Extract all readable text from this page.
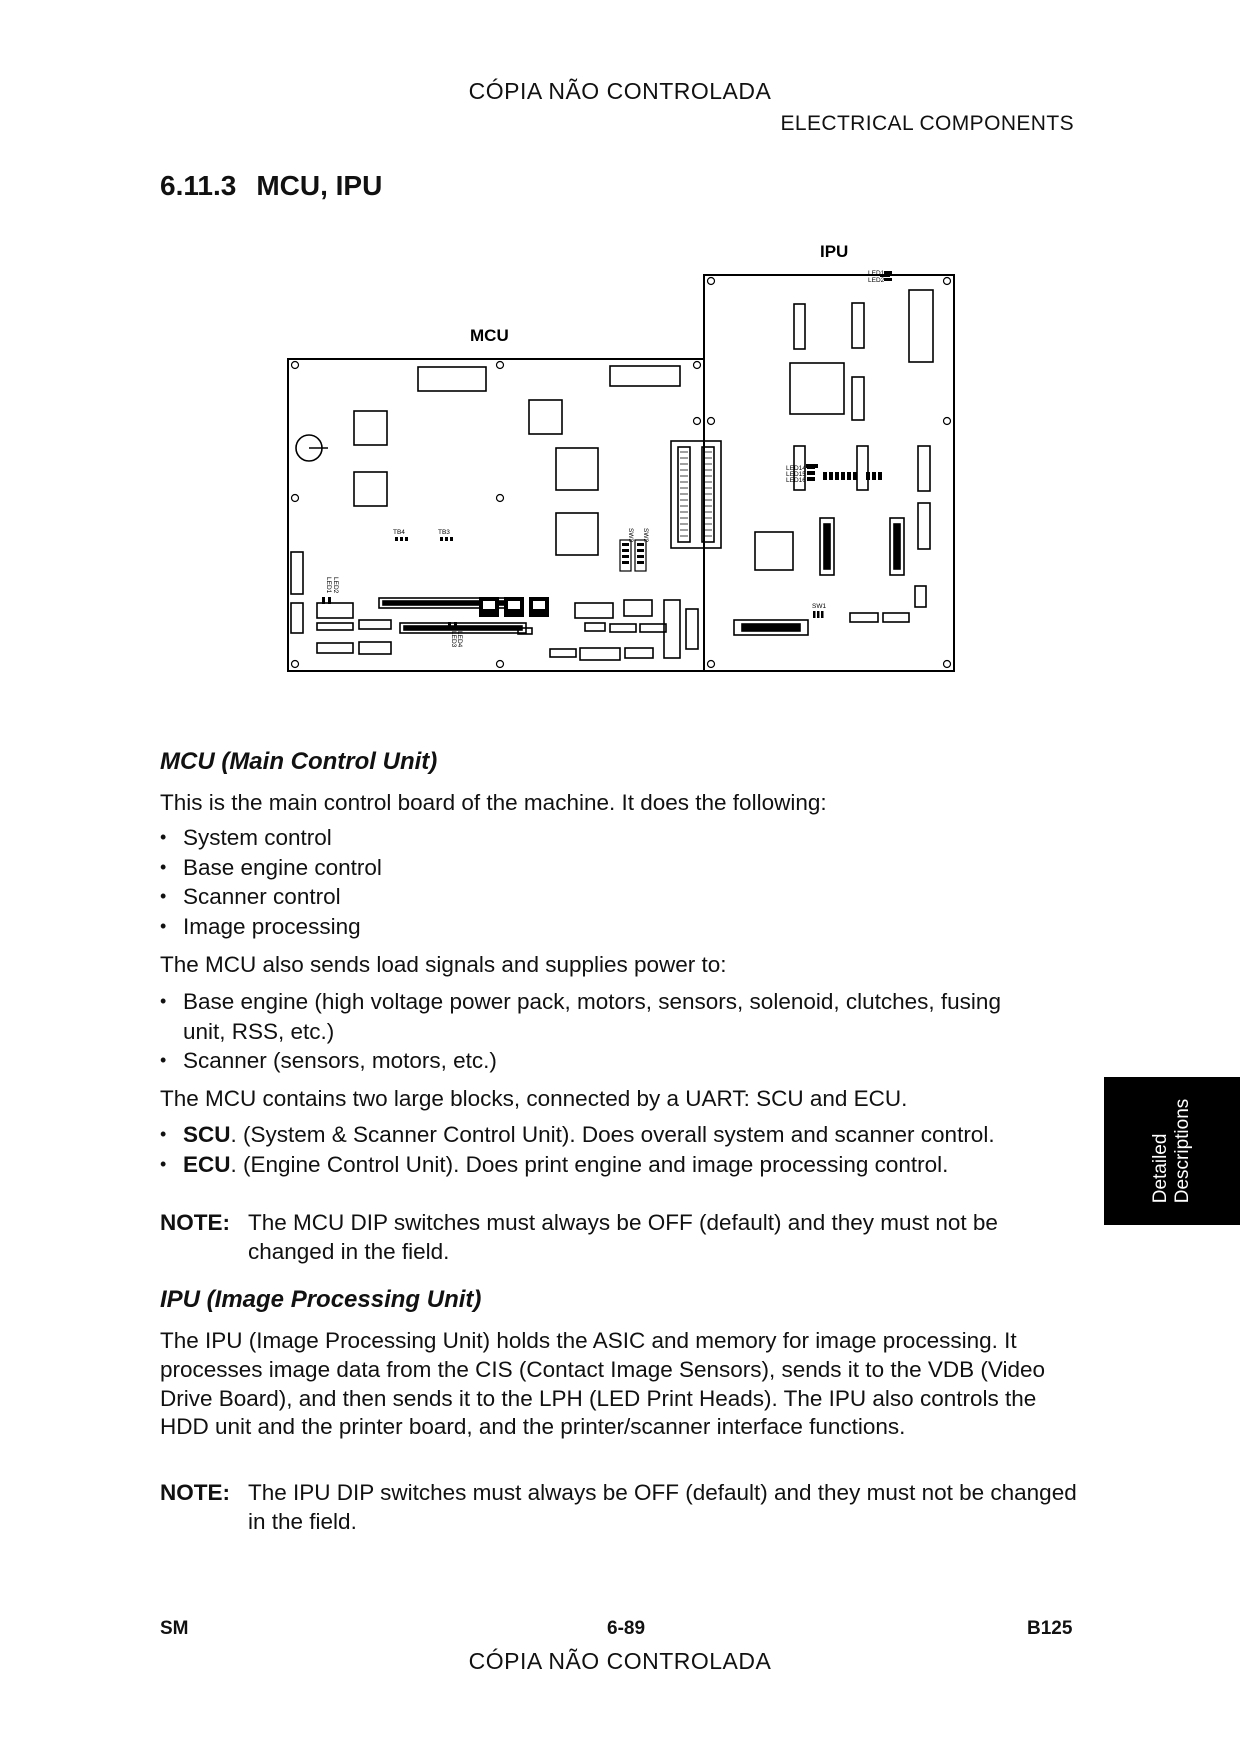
CÓPIA NÃO CONTROLADA
ELECTRICAL COMPONENTS
6.11.3 MCU, IPU
IPU
MCU
TB4	TB3	SW3 SW2
LED1 LED2
LED3 LED4
LED1
LED2
LED14
LED15
LED16
SW1
MCU (Main Control Unit)
This is the main control board of the machine. It does the following:
• System control
• Base engine control
• Scanner control
• Image processing
The MCU also sends load signals and supplies power to:
• Base engine (high voltage power pack, motors, sensors, solenoid, clutches, fusing unit, RSS, etc.)
• Scanner (sensors, motors, etc.)
The MCU contains two large blocks, connected by a UART: SCU and ECU.
• SCU. (System & Scanner Control Unit). Does overall system and scanner control.
• ECU. (Engine Control Unit). Does print engine and image processing control.
NOTE: The MCU DIP switches must always be OFF (default) and they must not be changed in the field.
IPU (Image Processing Unit)
The IPU (Image Processing Unit) holds the ASIC and memory for image processing. It processes image data from the CIS (Contact Image Sensors), sends it to the VDB (Video Drive Board), and then sends it to the LPH (LED Print Heads). The IPU also controls the HDD unit and the printer board, and the printer/scanner interface functions.
NOTE: The IPU DIP switches must always be OFF (default) and they must not be changed in the field.
Detailed Descriptions
SM	6-89	B125
CÓPIA NÃO CONTROLADA
